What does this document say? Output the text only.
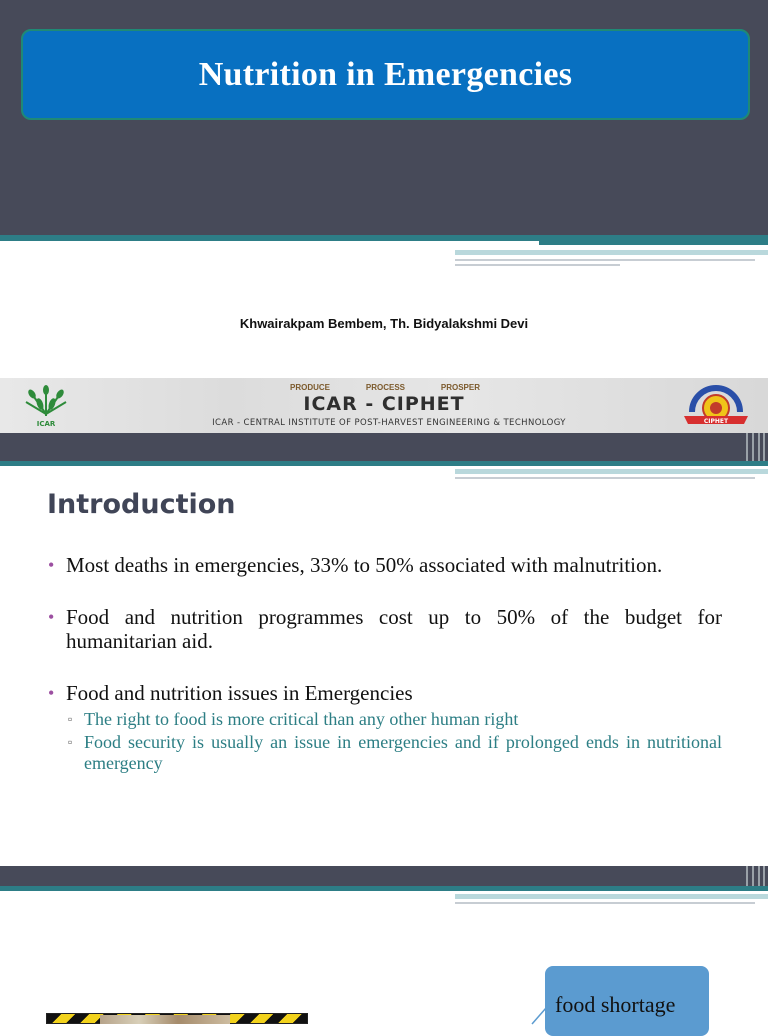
Nutrition in Emergencies
Khwairakpam Bembem, Th. Bidyalakshmi Devi
ICAR
PRODUCE	PROCESS	PROSPER
ICAR - CIPHET
ICAR - CENTRAL INSTITUTE OF POST-HARVEST ENGINEERING & TECHNOLOGY	CIPHET
Introduction
• Most deaths in emergencies, 33% to 50% associated with malnutrition.
• Food and nutrition programmes cost up to 50% of the budget for humanitarian aid.
• Food and nutrition issues in Emergencies
▫ The right to food is more critical than any other human right
▫ Food security is usually an issue in emergencies and if prolonged ends in nutritional emergency
food shortage
